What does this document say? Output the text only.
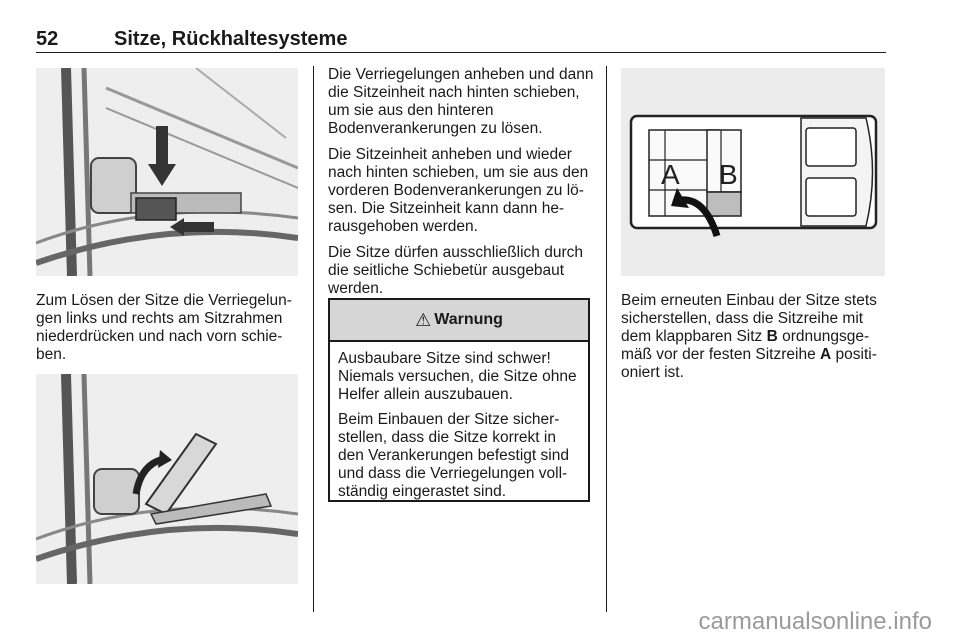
52	Sitze, Rückhaltesysteme

Zum Lösen der Sitze die Verriegelun- gen links und rechts am Sitzrahmen niederdrücken und nach vorn schie- ben.

Die Verriegelungen anheben und dann die Sitzeinheit nach hinten schieben, um sie aus den hinteren Bodenverankerungen zu lösen.

Die Sitzeinheit anheben und wieder nach hinten schieben, um sie aus den vorderen Bodenverankerungen zu lö- sen. Die Sitzeinheit kann dann he- rausgehoben werden.

Die Sitze dürfen ausschließlich durch die seitliche Schiebetür ausgebaut werden.

⚠ Warnung

Ausbaubare Sitze sind schwer! Niemals versuchen, die Sitze ohne Helfer allein auszubauen.

Beim Einbauen der Sitze sicher- stellen, dass die Sitze korrekt in den Verankerungen befestigt sind und dass die Verriegelungen voll- ständig eingerastet sind.

A B

Beim erneuten Einbau der Sitze stets sicherstellen, dass die Sitzreihe mit dem klappbaren Sitz B ordnungsge- mäß vor der festen Sitzreihe A positi- oniert ist.

carmanualsonline.info
